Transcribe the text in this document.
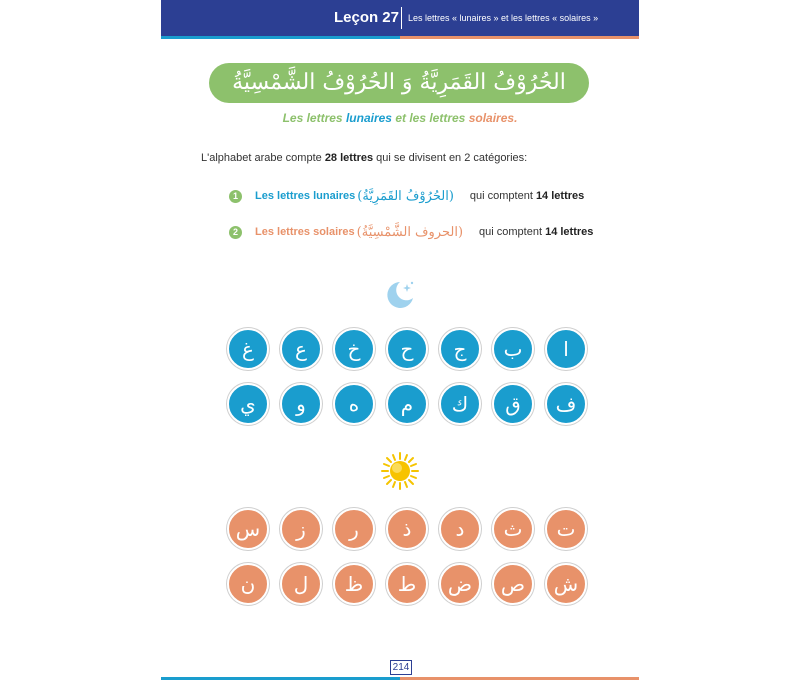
Leçon 27 Les lettres « lunaires » et les lettres « solaires »
الحُرُوْفُ القَمَرِيَّةُ وَ الحُرُوْفُ الشَّمْسِيَّةُ
Les lettres lunaires et les lettres solaires.
L'alphabet arabe compte 28 lettres qui se divisent en 2 catégories:
1	Les lettres lunaires (الحُرُوْفُ القَمَرِيَّةُ) qui comptent 14 lettres
2	Les lettres solaires (الحروف الشَّمْسِيَّةُ) qui comptent 14 lettres
ا
ب
ج
ح
خ
ع
غ
ف
ق
ك
م
ه
و
ي
ت
ث
د
ذ
ر
ز
س
ش
ص
ض
ط
ظ
ل
ن
214
